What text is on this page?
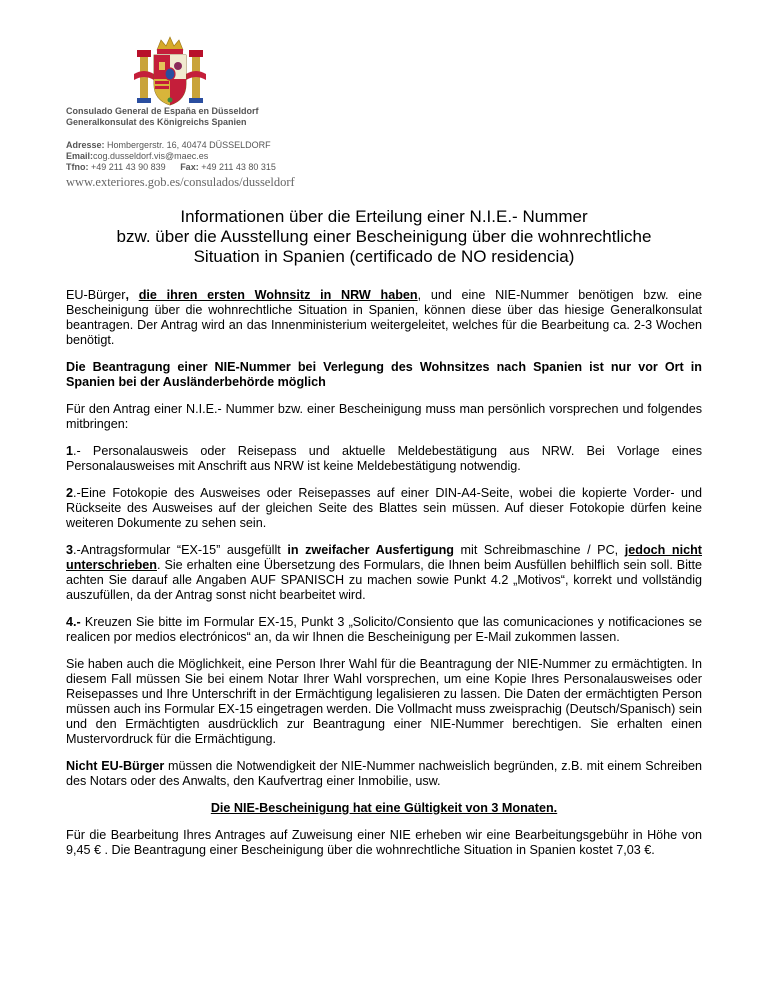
Consulado General de España en Düsseldorf
Generalkonsulat des Königreichs Spanien
Adresse: Hombergerstr. 16, 40474 DÜSSELDORF
Email:cog.dusseldorf.vis@maec.es
Tfno: +49 211 43 90 839 Fax: +49 211 43 80 315
www.exteriores.gob.es/consulados/dusseldorf
Informationen über die Erteilung einer N.I.E.- Nummer
bzw. über die Ausstellung einer Bescheinigung über die wohnrechtliche
Situation in Spanien (certificado de NO residencia)

EU-Bürger, die ihren ersten Wohnsitz in NRW haben, und eine NIE-Nummer benötigen bzw. eine Bescheinigung über die wohnrechtliche Situation in Spanien, können diese über das hiesige Generalkonsulat beantragen. Der Antrag wird an das Innenministerium weitergeleitet, welches für die Bearbeitung ca. 2-3 Wochen benötigt.

Die Beantragung einer NIE-Nummer bei Verlegung des Wohnsitzes nach Spanien ist nur vor Ort in Spanien bei der Ausländerbehörde möglich

Für den Antrag einer N.I.E.- Nummer bzw. einer Bescheinigung muss man persönlich vorsprechen und folgendes mitbringen:

1.- Personalausweis oder Reisepass und aktuelle Meldebestätigung aus NRW. Bei Vorlage eines Personalausweises mit Anschrift aus NRW ist keine Meldebestätigung notwendig.

2.-Eine Fotokopie des Ausweises oder Reisepasses auf einer DIN-A4-Seite, wobei die kopierte Vorder- und Rückseite des Ausweises auf der gleichen Seite des Blattes sein müssen. Auf dieser Fotokopie dürfen keine weiteren Dokumente zu sehen sein.

3.-Antragsformular “EX-15” ausgefüllt in zweifacher Ausfertigung mit Schreibmaschine / PC, jedoch nicht unterschrieben. Sie erhalten eine Übersetzung des Formulars, die Ihnen beim Ausfüllen behilflich sein soll. Bitte achten Sie darauf alle Angaben AUF SPANISCH zu machen sowie Punkt 4.2 „Motivos“, korrekt und vollständig auszufüllen, da der Antrag sonst nicht bearbeitet wird.

4.- Kreuzen Sie bitte im Formular EX-15, Punkt 3 „Solicito/Consiento que las comunicaciones y notificaciones se realicen por medios electrónicos“ an, da wir Ihnen die Bescheinigung per E-Mail zukommen lassen.

Sie haben auch die Möglichkeit, eine Person Ihrer Wahl für die Beantragung der NIE-Nummer zu ermächtigten. In diesem Fall müssen Sie bei einem Notar Ihrer Wahl vorsprechen, um eine Kopie Ihres Personalausweises oder Reisepasses und Ihre Unterschrift in der Ermächtigung legalisieren zu lassen. Die Daten der ermächtigten Person müssen auch ins Formular EX-15 eingetragen werden. Die Vollmacht muss zweisprachig (Deutsch/Spanisch) sein und den Ermächtigten ausdrücklich zur Beantragung einer NIE-Nummer berechtigen. Sie erhalten einen Mustervordruck für die Ermächtigung.

Nicht EU-Bürger müssen die Notwendigkeit der NIE-Nummer nachweislich begründen, z.B. mit einem Schreiben des Notars oder des Anwalts, den Kaufvertrag einer Inmobilie, usw.

Die NIE-Bescheinigung hat eine Gültigkeit von 3 Monaten.

Für die Bearbeitung Ihres Antrages auf Zuweisung einer NIE erheben wir eine Bearbeitungsgebühr in Höhe von 9,45 € . Die Beantragung einer Bescheinigung über die wohnrechtliche Situation in Spanien kostet 7,03 €.
